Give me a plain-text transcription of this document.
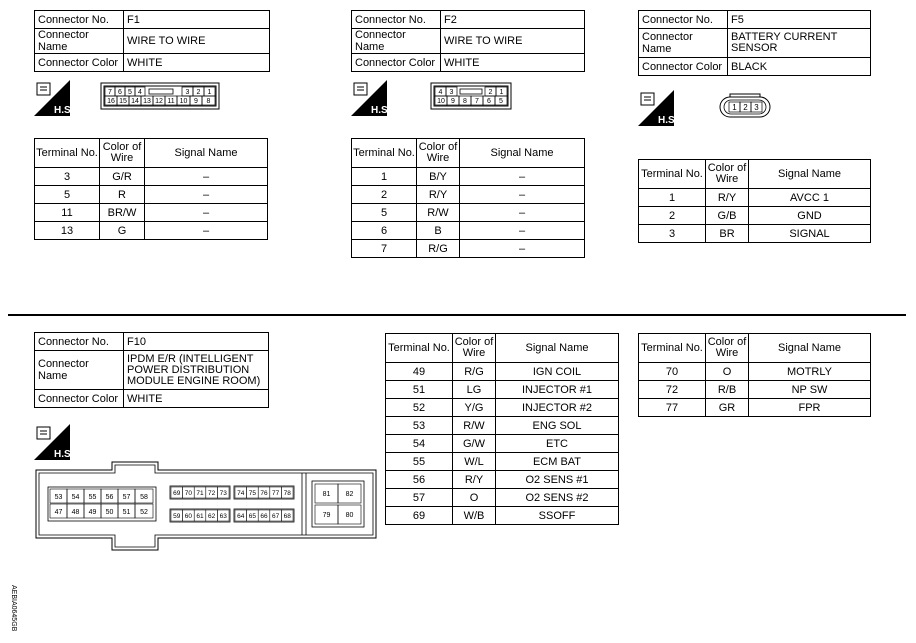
Connector No.	F1
Connector Name	WIRE TO WIRE
Connector Color	WHITE
H.S.
7 6 5 4	3 2 1
16 15 14 13 12 11 10 9 8
Terminal No.	Color of Wire	Signal Name
3	G/R	–
5	R	–
11	BR/W	–
13	G	–
Connector No.	F2
Connector Name	WIRE TO WIRE
Connector Color	WHITE
H.S.
4 3	2 1
10 9 8 7 6 5
Terminal No.	Color of Wire	Signal Name
1	B/Y	–
2	R/Y	–
5	R/W	–
6	B	–
7	R/G	–
Connector No.	F5
Connector Name	BATTERY CURRENT SENSOR
Connector Color	BLACK
H.S.
1 2 3
Terminal No.	Color of Wire	Signal Name
1	R/Y	AVCC 1
2	G/B	GND
3	BR	SIGNAL
Connector No.	F10
Connector Name	IPDM E/R (INTELLIGENT POWER DISTRIBUTION MODULE ENGINE ROOM)
Connector Color	WHITE
H.S.
53 54 55 56 57 58
47 48 49 50 51 52
69 70 71 72 73 74 75 76 77 78
59 60 61 62 63 64 65 66 67 68
81 82
79 80
Terminal No.	Color of Wire	Signal Name
49	R/G	IGN COIL
51	LG	INJECTOR #1
52	Y/G	INJECTOR #2
53	R/W	ENG SOL
54	G/W	ETC
55	W/L	ECM BAT
56	R/Y	O2 SENS #1
57	O	O2 SENS #2
69	W/B	SSOFF
Terminal No.	Color of Wire	Signal Name
70	O	MOTRLY
72	R/B	NP SW
77	GR	FPR
AEBIA0645GB
